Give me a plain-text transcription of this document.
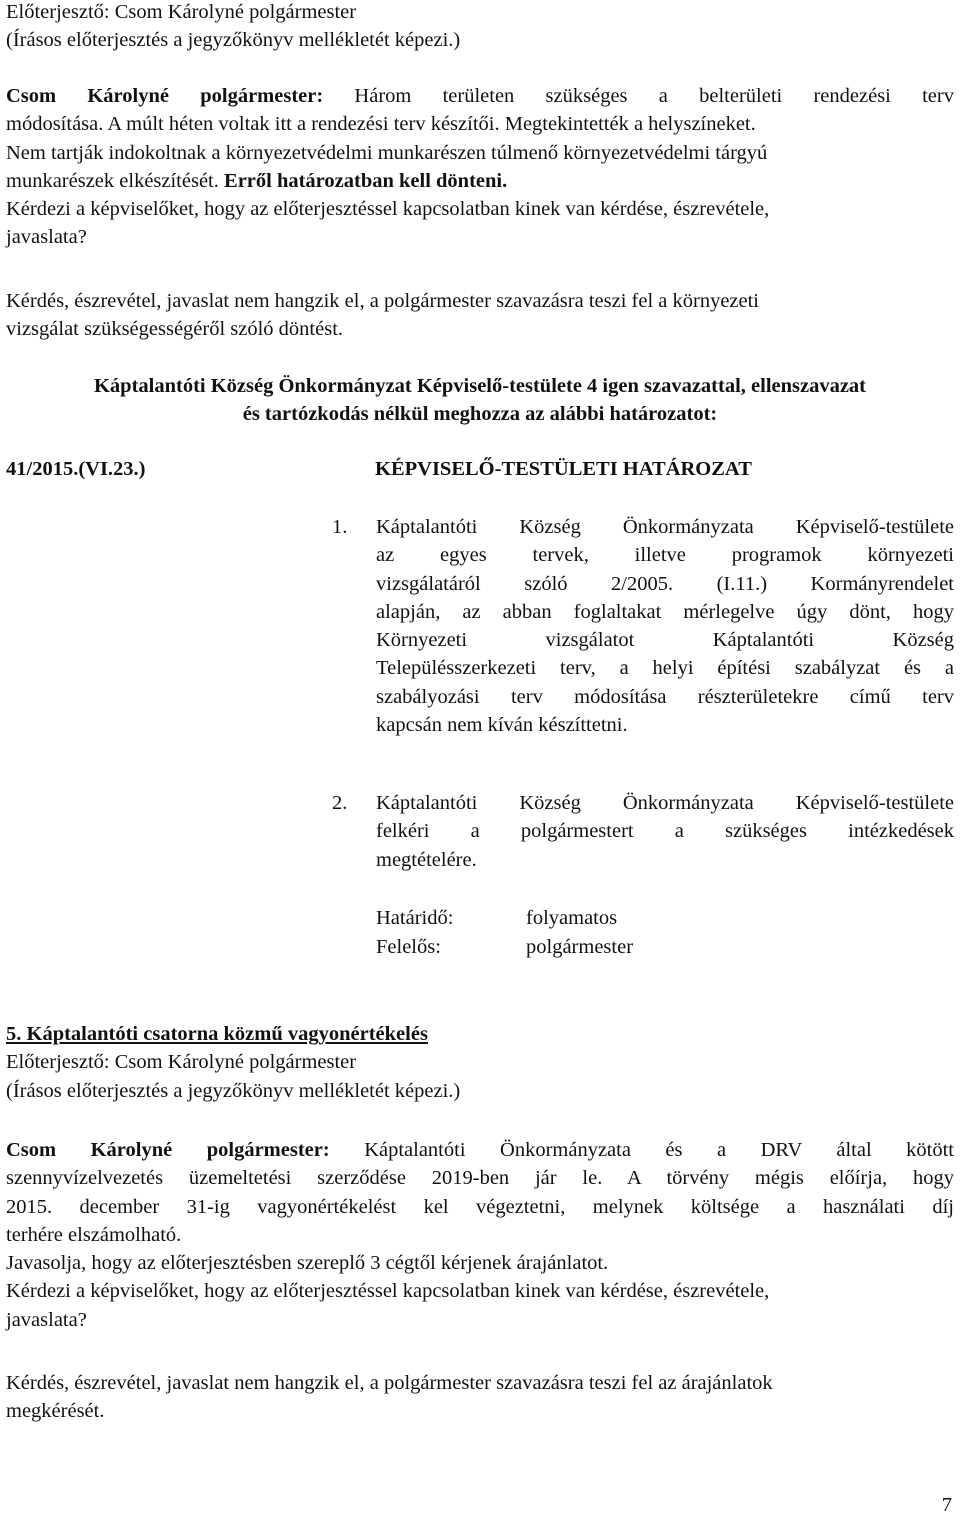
Előterjesztő: Csom Károlyné polgármester
(Írásos előterjesztés a jegyzőkönyv mellékletét képezi.)
Csom Károlyné polgármester: Három területen szükséges a belterületi rendezési terv
módosítása. A múlt héten voltak itt a rendezési terv készítői. Megtekintették a helyszíneket.
Nem tartják indokoltnak a környezetvédelmi munkarészen túlmenő környezetvédelmi tárgyú
munkarészek elkészítését. Erről határozatban kell dönteni.
Kérdezi a képviselőket, hogy az előterjesztéssel kapcsolatban kinek van kérdése, észrevétele,
javaslata?
Kérdés, észrevétel, javaslat nem hangzik el, a polgármester szavazásra teszi fel a környezeti
vizsgálat szükségességéről szóló döntést.
Káptalantóti Község Önkormányzat Képviselő-testülete 4 igen szavazattal, ellenszavazat
és tartózkodás nélkül meghozza az alábbi határozatot:
41/2015.(VI.23.)	KÉPVISELŐ-TESTÜLETI HATÁROZAT
1. Káptalantóti Község Önkormányzata Képviselő-testülete
az egyes tervek, illetve programok környezeti
vizsgálatáról szóló 2/2005. (I.11.) Kormányrendelet
alapján, az abban foglaltakat mérlegelve úgy dönt, hogy
Környezeti vizsgálatot Káptalantóti Község
Településszerkezeti terv, a helyi építési szabályzat és a
szabályozási terv módosítása részterületekre című terv
kapcsán nem kíván készíttetni.
2. Káptalantóti Község Önkormányzata Képviselő-testülete
felkéri a polgármestert a szükséges intézkedések
megtételére.
Határidő:	folyamatos
Felelős:	polgármester
5. Káptalantóti csatorna közmű vagyonértékelés
Előterjesztő: Csom Károlyné polgármester
(Írásos előterjesztés a jegyzőkönyv mellékletét képezi.)
Csom Károlyné polgármester: Káptalantóti Önkormányzata és a DRV által kötött
szennyvízelvezetés üzemeltetési szerződése 2019-ben jár le. A törvény mégis előírja, hogy
2015. december 31-ig vagyonértékelést kel végeztetni, melynek költsége a használati díj
terhére elszámolható.
Javasolja, hogy az előterjesztésben szereplő 3 cégtől kérjenek árajánlatot.
Kérdezi a képviselőket, hogy az előterjesztéssel kapcsolatban kinek van kérdése, észrevétele,
javaslata?
Kérdés, észrevétel, javaslat nem hangzik el, a polgármester szavazásra teszi fel az árajánlatok
megkérését.
7
